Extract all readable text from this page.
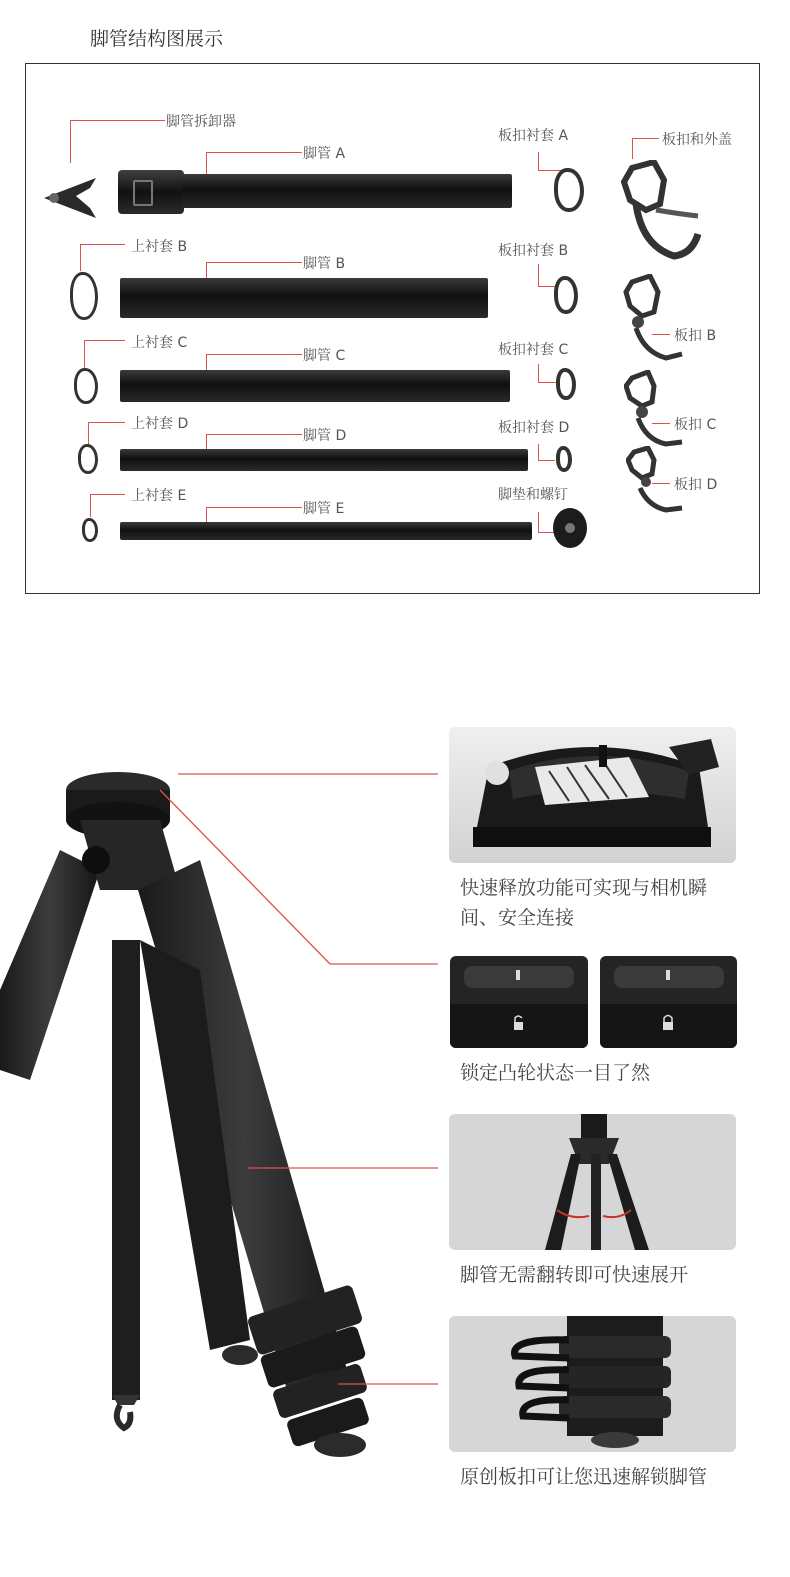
脚管结构图展示
脚管拆卸器
脚管 A
板扣衬套 A	板扣和外盖
上衬套 B
脚管 B
板扣衬套 B
上衬套 C
脚管 C	板扣衬套 C
板扣 B
上衬套 D
脚管 D	板扣衬套 D	板扣 C
上衬套 E
脚管 E
脚垫和螺钉
板扣 D
快速释放功能可实现与相机瞬
间、安全连接
锁定凸轮状态一目了然
脚管无需翻转即可快速展开
原创板扣可让您迅速解锁脚管
